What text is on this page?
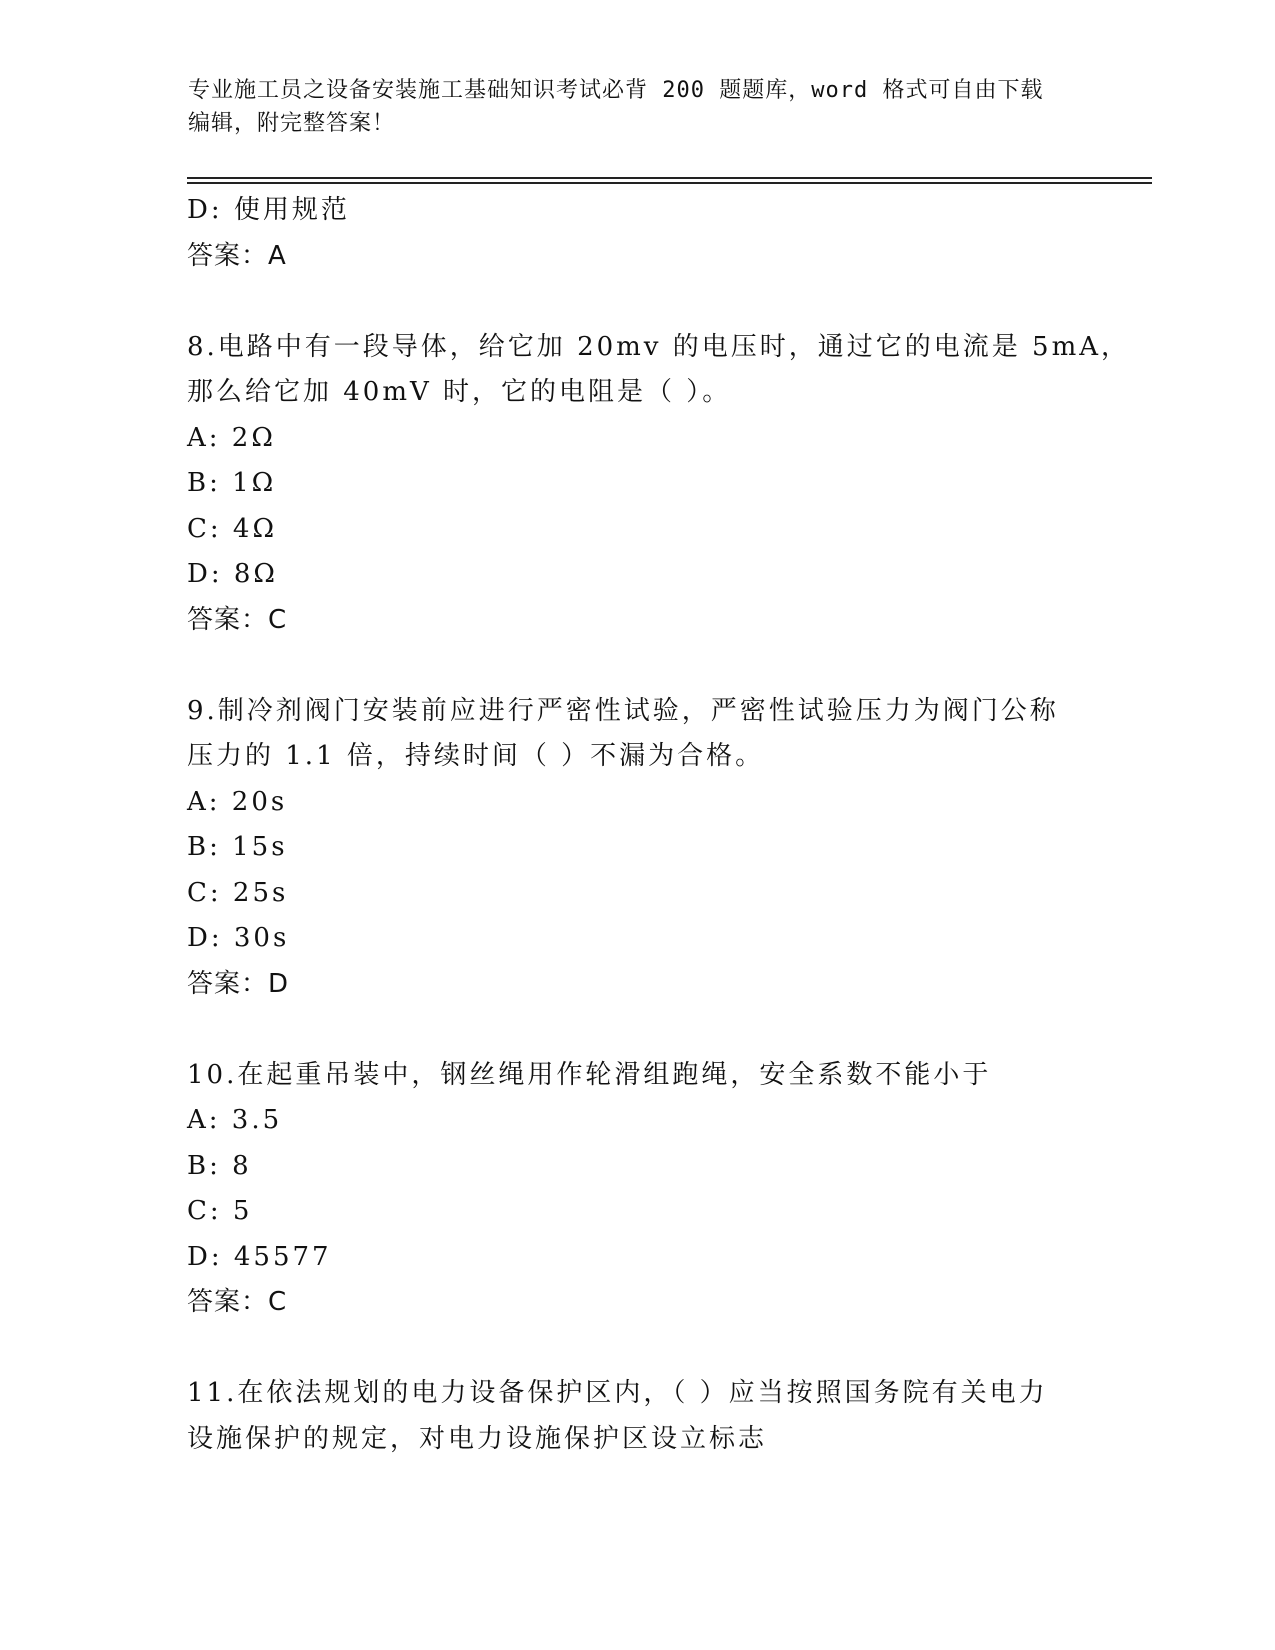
专业施工员之设备安装施工基础知识考试必背 200 题题库，word 格式可自由下载
编辑，附完整答案！
D: 使用规范
答案：A
8.电路中有一段导体，给它加 20mv 的电压时，通过它的电流是 5mA，
那么给它加 40mV 时，它的电阻是（ ）。
A: 2Ω
B: 1Ω
C: 4Ω
D: 8Ω
答案：C
9.制冷剂阀门安装前应进行严密性试验，严密性试验压力为阀门公称
压力的 1.1 倍，持续时间（ ）不漏为合格。
A: 20s
B: 15s
C: 25s
D: 30s
答案：D
10.在起重吊装中，钢丝绳用作轮滑组跑绳，安全系数不能小于
A: 3.5
B: 8
C: 5
D: 45577
答案：C
11.在依法规划的电力设备保护区内，（ ）应当按照国务院有关电力
设施保护的规定，对电力设施保护区设立标志
